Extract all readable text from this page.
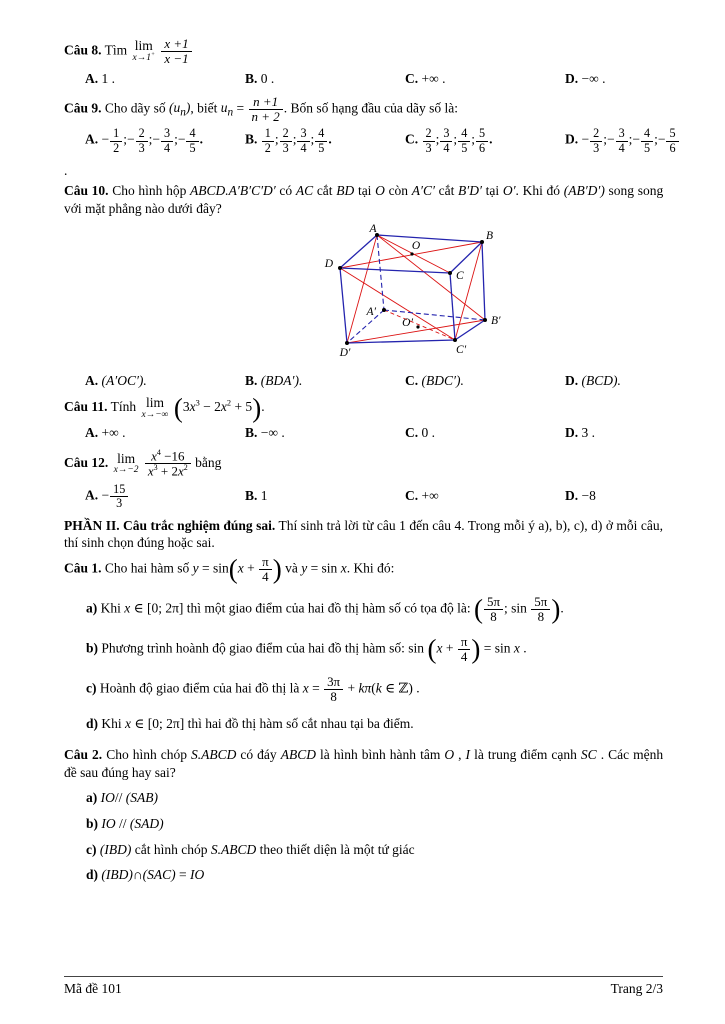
Câu 8. Tìm lim
x→1+
$\frac{x +1}{x -1}$
A. 1 .	B. 0 .	C. +∞ .	D. −∞ .
Câu 9. Cho dãy số $(u_n)$, biết $u_n = \frac{n +1}{n + 2}$ . Bốn số hạng đầu của dãy số là:
A. − $\frac{1}{2}$ ;− $\frac{2}{3}$ ;− $\frac{3}{4}$ ;− $\frac{4}{5}$ .	B. $\frac{1}{2}$ ; $\frac{2}{3}$ ; $\frac{3}{4}$ ; $\frac{4}{5}$ .	C. $\frac{2}{3}$ ; $\frac{3}{4}$ ; $\frac{4}{5}$ ; $\frac{5}{6}$ .	D. − $\frac{2}{3}$ ;− $\frac{3}{4}$ ;− $\frac{4}{5}$ ;− $\frac{5}{6}$
.
Câu 10. Cho hình hộp ABCD.A′B′C′D′ có AC cắt BD tại O còn A′C′ cắt B′D′ tại O′. Khi đó (AB′D′) song song với mặt phẳng nào dưới đây?
A
B
C
D
O
A′
B′
C′
D′
O′
A. (A′OC′).	B. (BDA′).	C. (BDC′).	D. (BCD).
Câu 11. Tính lim
x→−∞ $(3x^3 - 2x^2 + 5)$.
A. +∞ .	B. −∞ .	C. 0 .	D. 3 .
Câu 12. lim
x→−2
$\frac{x^4 -16}{x^3 + 2x^2}$ bằng
A. − $\frac{15}{3}$	B. 1	C. +∞	D. −8
PHẦN II. Câu trắc nghiệm đúng sai. Thí sinh trả lời từ câu 1 đến câu 4. Trong mỗi ý a), b), c), d) ở mỗi câu, thí sinh chọn đúng hoặc sai.
Câu 1. Cho hai hàm số $y = \sin(x + \frac{\pi}{4}$ ) và y = sin x. Khi đó:
a) Khi x ∈ [0; 2π] thì một giao điểm của hai đồ thị hàm số có tọa độ là: ( $\frac{5\pi}{8}$ ; $\sin \frac{5\pi}{8}$ ).
b) Phương trình hoành độ giao điểm của hai đồ thị hàm số: $\sin (x + \frac{\pi}{4}$ ) = sin x .
c) Hoành độ giao điểm của hai đồ thị là $x = \frac{3\pi}{8} + k\pi(k$ ∈ ℤ) .
d) Khi x ∈ [0; 2π] thì hai đồ thị hàm số cắt nhau tại ba điểm.
Câu 2. Cho hình chóp S.ABCD có đáy ABCD là hình bình hành tâm O , I là trung điểm cạnh SC . Các mệnh đề sau đúng hay sai?
a) IO// (SAB)
b) IO // (SAD)
c) (IBD) cắt hình chóp S.ABCD theo thiết diện là một tứ giác
d) (IBD)∩(SAC) = IO
Mã đề 101	Trang 2/3
